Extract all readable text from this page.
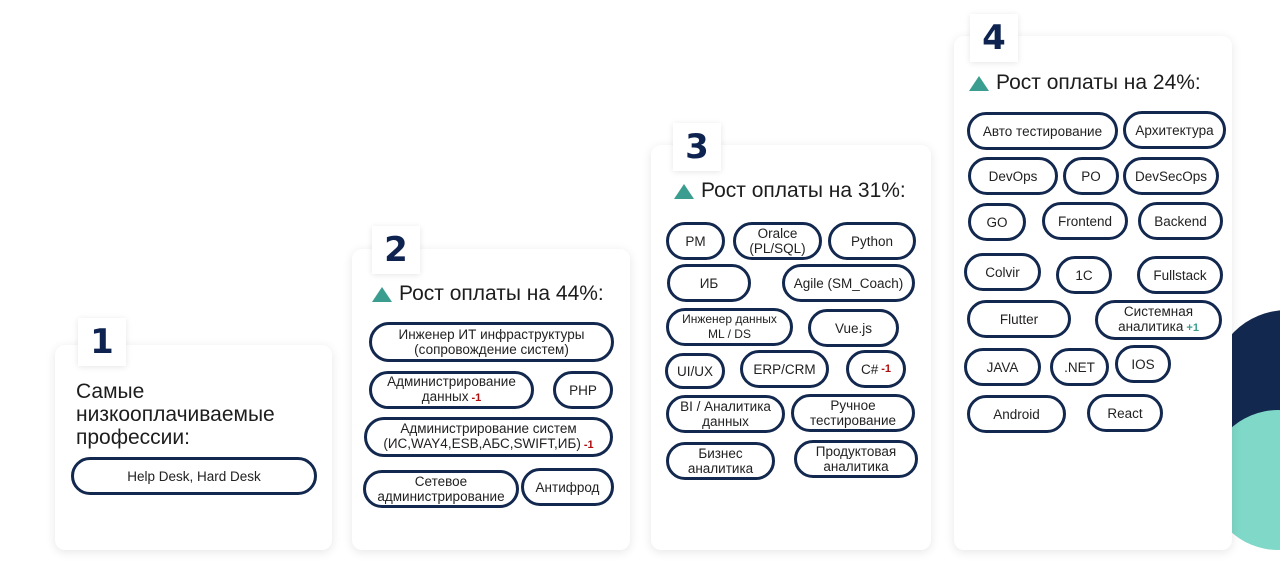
1
Самые низкооплачиваемые профессии:
Help Desk, Hard Desk
2
Рост оплаты на 44%:
Инженер ИТ инфраструктуры
(сопровождение систем)
Администрирование
данных -1
PHP
Администрирование систем
(ИС,WAY4,ESB,АБС,SWIFT,ИБ) -1
Сетевое
администрирование
Антифрод
3
Рост оплаты на 31%:
PM	Oralce
(PL/SQL)	Python
ИБ	Agile (SM_Coach)
Инженер данных
ML / DS	Vue.js
UI/UX	ERP/CRM	C# -1
BI / Аналитика
данных
Ручное
тестирование
Бизнес
аналитика
Продуктовая
аналитика
4
Рост оплаты на 24%:
Авто тестирование Архитектура
DevOps	PO	DevSecOps
GO	Frontend	Backend
Colvir	1C	Fullstack
Flutter	Системная
аналитика +1
JAVA	.NET	IOS
Android	React
